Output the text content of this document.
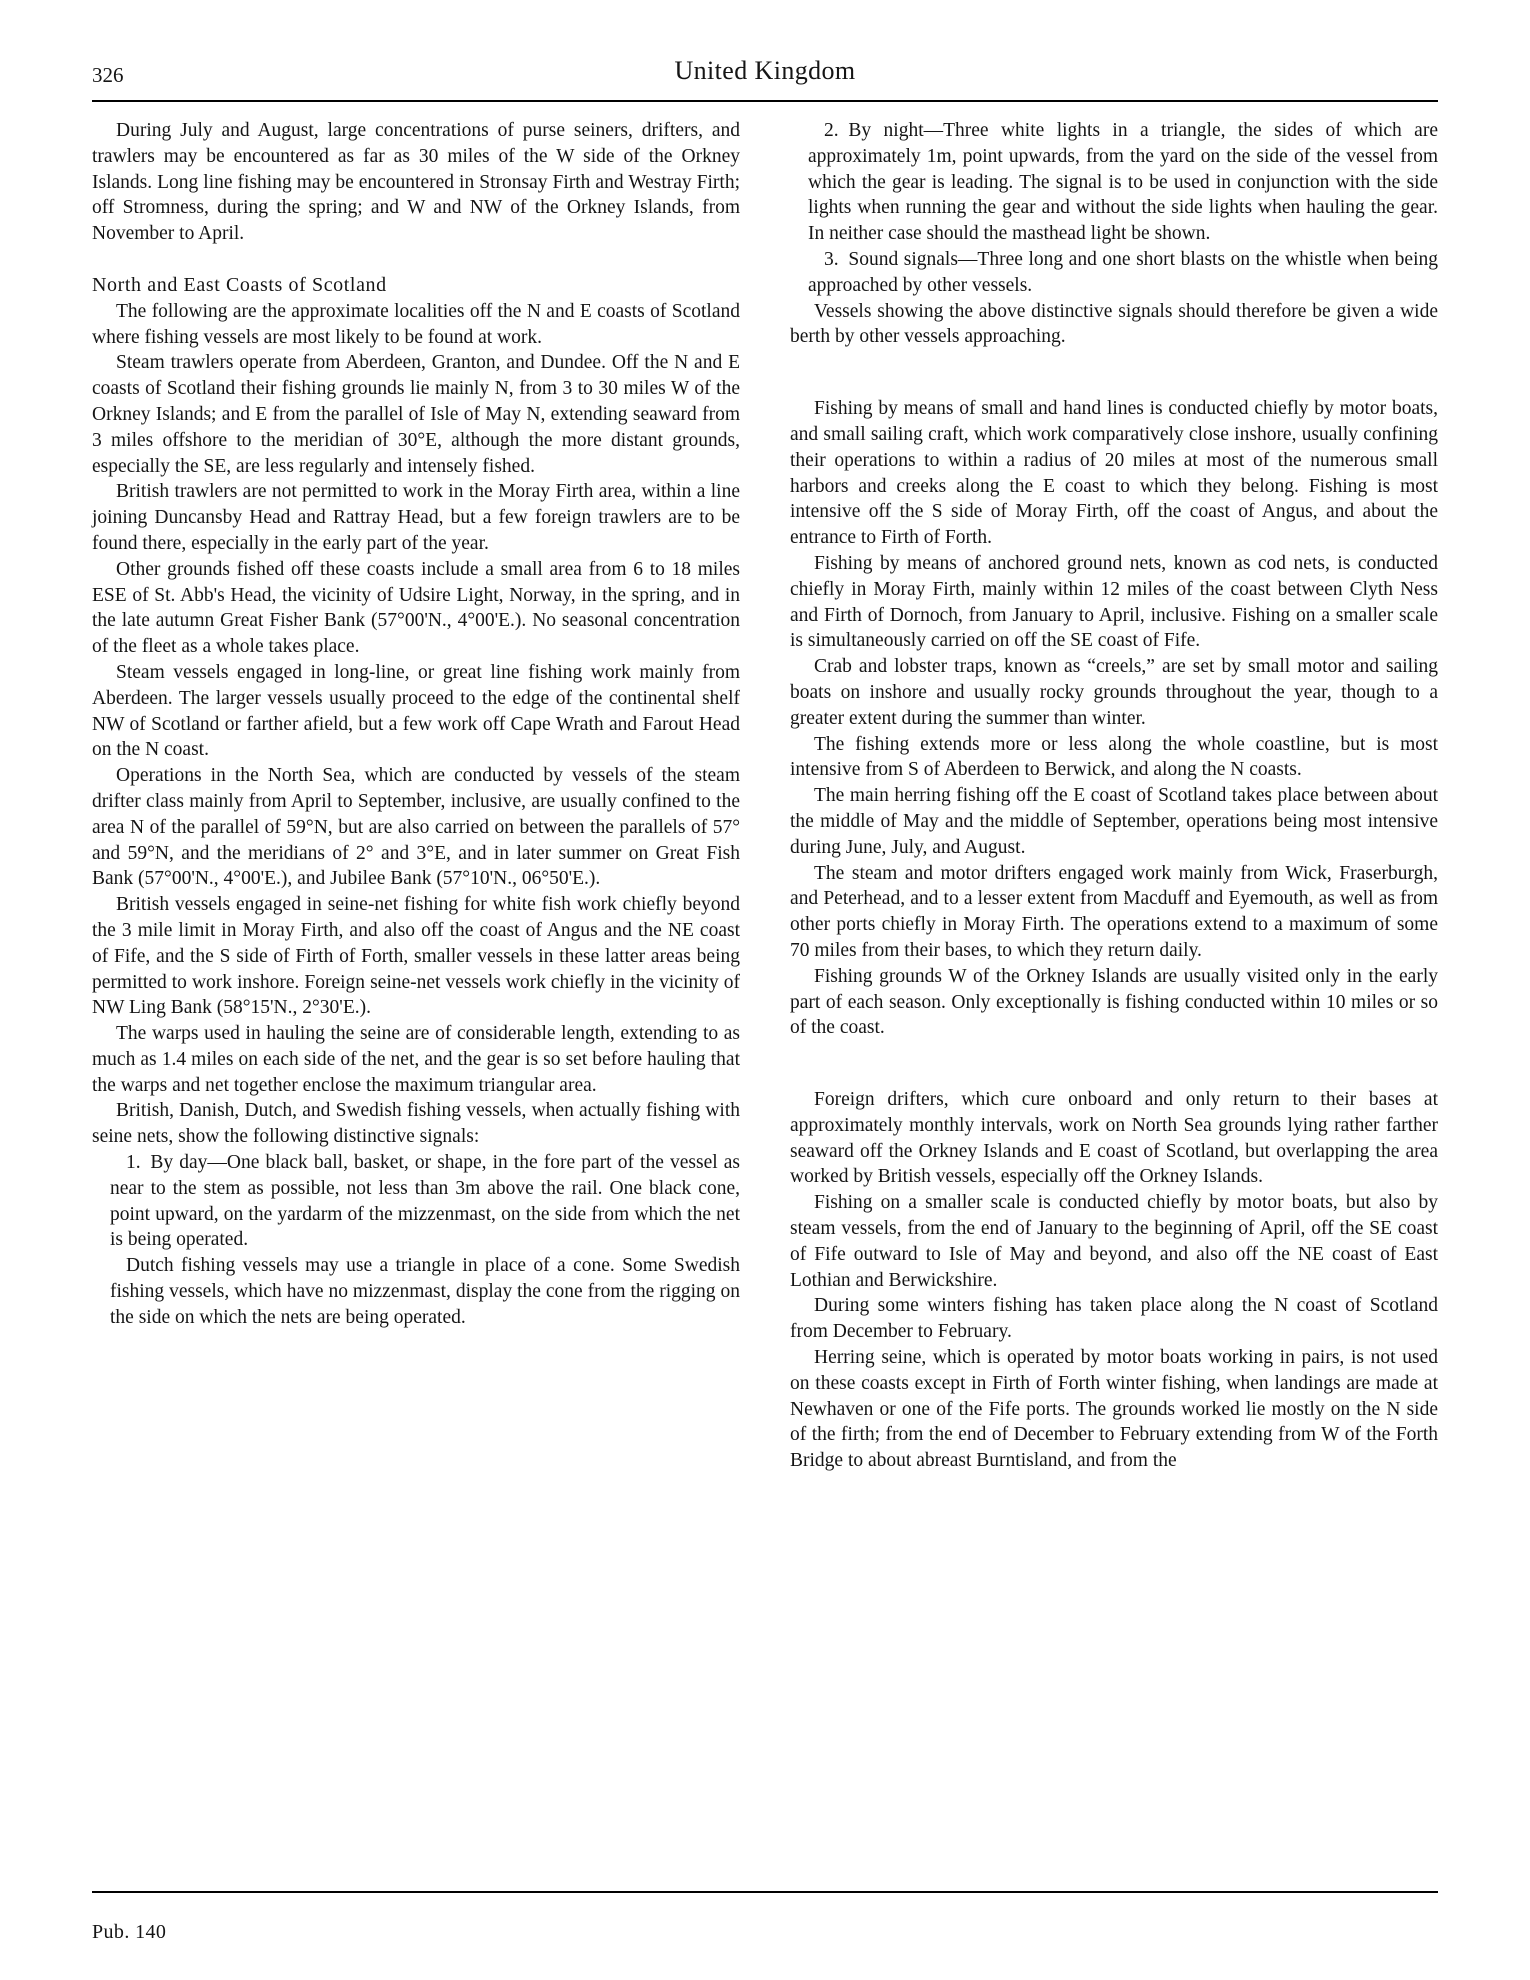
326	United Kingdom

During July and August, large concentrations of purse seiners, drifters, and trawlers may be encountered as far as 30 miles of the W side of the Orkney Islands. Long line fishing may be encountered in Stronsay Firth and Westray Firth; off Stromness, during the spring; and W and NW of the Orkney Islands, from November to April.

North and East Coasts of Scotland

The following are the approximate localities off the N and E coasts of Scotland where fishing vessels are most likely to be found at work.

Steam trawlers operate from Aberdeen, Granton, and Dundee. Off the N and E coasts of Scotland their fishing grounds lie mainly N, from 3 to 30 miles W of the Orkney Islands; and E from the parallel of Isle of May N, extending seaward from 3 miles offshore to the meridian of 30°E, although the more distant grounds, especially the SE, are less regularly and intensely fished.

British trawlers are not permitted to work in the Moray Firth area, within a line joining Duncansby Head and Rattray Head, but a few foreign trawlers are to be found there, especially in the early part of the year.

Other grounds fished off these coasts include a small area from 6 to 18 miles ESE of St. Abb's Head, the vicinity of Udsire Light, Norway, in the spring, and in the late autumn Great Fisher Bank (57°00'N., 4°00'E.). No seasonal concentration of the fleet as a whole takes place.

Steam vessels engaged in long-line, or great line fishing work mainly from Aberdeen. The larger vessels usually proceed to the edge of the continental shelf NW of Scotland or farther afield, but a few work off Cape Wrath and Farout Head on the N coast.

Operations in the North Sea, which are conducted by vessels of the steam drifter class mainly from April to September, inclusive, are usually confined to the area N of the parallel of 59°N, but are also carried on between the parallels of 57° and 59°N, and the meridians of 2° and 3°E, and in later summer on Great Fish Bank (57°00'N., 4°00'E.), and Jubilee Bank (57°10'N., 06°50'E.).

British vessels engaged in seine-net fishing for white fish work chiefly beyond the 3 mile limit in Moray Firth, and also off the coast of Angus and the NE coast of Fife, and the S side of Firth of Forth, smaller vessels in these latter areas being permitted to work inshore. Foreign seine-net vessels work chiefly in the vicinity of NW Ling Bank (58°15'N., 2°30'E.).

The warps used in hauling the seine are of considerable length, extending to as much as 1.4 miles on each side of the net, and the gear is so set before hauling that the warps and net together enclose the maximum triangular area.

British, Danish, Dutch, and Swedish fishing vessels, when actually fishing with seine nets, show the following distinctive signals:

1. By day—One black ball, basket, or shape, in the fore part of the vessel as near to the stem as possible, not less than 3m above the rail. One black cone, point upward, on the yardarm of the mizzenmast, on the side from which the net is being operated.

Dutch fishing vessels may use a triangle in place of a cone. Some Swedish fishing vessels, which have no mizzenmast, display the cone from the rigging on the side on which the nets are being operated.

2. By night—Three white lights in a triangle, the sides of which are approximately 1m, point upwards, from the yard on the side of the vessel from which the gear is leading. The signal is to be used in conjunction with the side lights when running the gear and without the side lights when hauling the gear. In neither case should the masthead light be shown.

3. Sound signals—Three long and one short blasts on the whistle when being approached by other vessels.

Vessels showing the above distinctive signals should therefore be given a wide berth by other vessels approaching.

Fishing by means of small and hand lines is conducted chiefly by motor boats, and small sailing craft, which work comparatively close inshore, usually confining their operations to within a radius of 20 miles at most of the numerous small harbors and creeks along the E coast to which they belong. Fishing is most intensive off the S side of Moray Firth, off the coast of Angus, and about the entrance to Firth of Forth.

Fishing by means of anchored ground nets, known as cod nets, is conducted chiefly in Moray Firth, mainly within 12 miles of the coast between Clyth Ness and Firth of Dornoch, from January to April, inclusive. Fishing on a smaller scale is simultaneously carried on off the SE coast of Fife.

Crab and lobster traps, known as “creels,” are set by small motor and sailing boats on inshore and usually rocky grounds throughout the year, though to a greater extent during the summer than winter.

The fishing extends more or less along the whole coastline, but is most intensive from S of Aberdeen to Berwick, and along the N coasts.

The main herring fishing off the E coast of Scotland takes place between about the middle of May and the middle of September, operations being most intensive during June, July, and August.

The steam and motor drifters engaged work mainly from Wick, Fraserburgh, and Peterhead, and to a lesser extent from Macduff and Eyemouth, as well as from other ports chiefly in Moray Firth. The operations extend to a maximum of some 70 miles from their bases, to which they return daily.

Fishing grounds W of the Orkney Islands are usually visited only in the early part of each season. Only exceptionally is fishing conducted within 10 miles or so of the coast.

Foreign drifters, which cure onboard and only return to their bases at approximately monthly intervals, work on North Sea grounds lying rather farther seaward off the Orkney Islands and E coast of Scotland, but overlapping the area worked by British vessels, especially off the Orkney Islands.

Fishing on a smaller scale is conducted chiefly by motor boats, but also by steam vessels, from the end of January to the beginning of April, off the SE coast of Fife outward to Isle of May and beyond, and also off the NE coast of East Lothian and Berwickshire.

During some winters fishing has taken place along the N coast of Scotland from December to February.

Herring seine, which is operated by motor boats working in pairs, is not used on these coasts except in Firth of Forth winter fishing, when landings are made at Newhaven or one of the Fife ports. The grounds worked lie mostly on the N side of the firth; from the end of December to February extending from W of the Forth Bridge to about abreast Burntisland, and from the

Pub. 140
